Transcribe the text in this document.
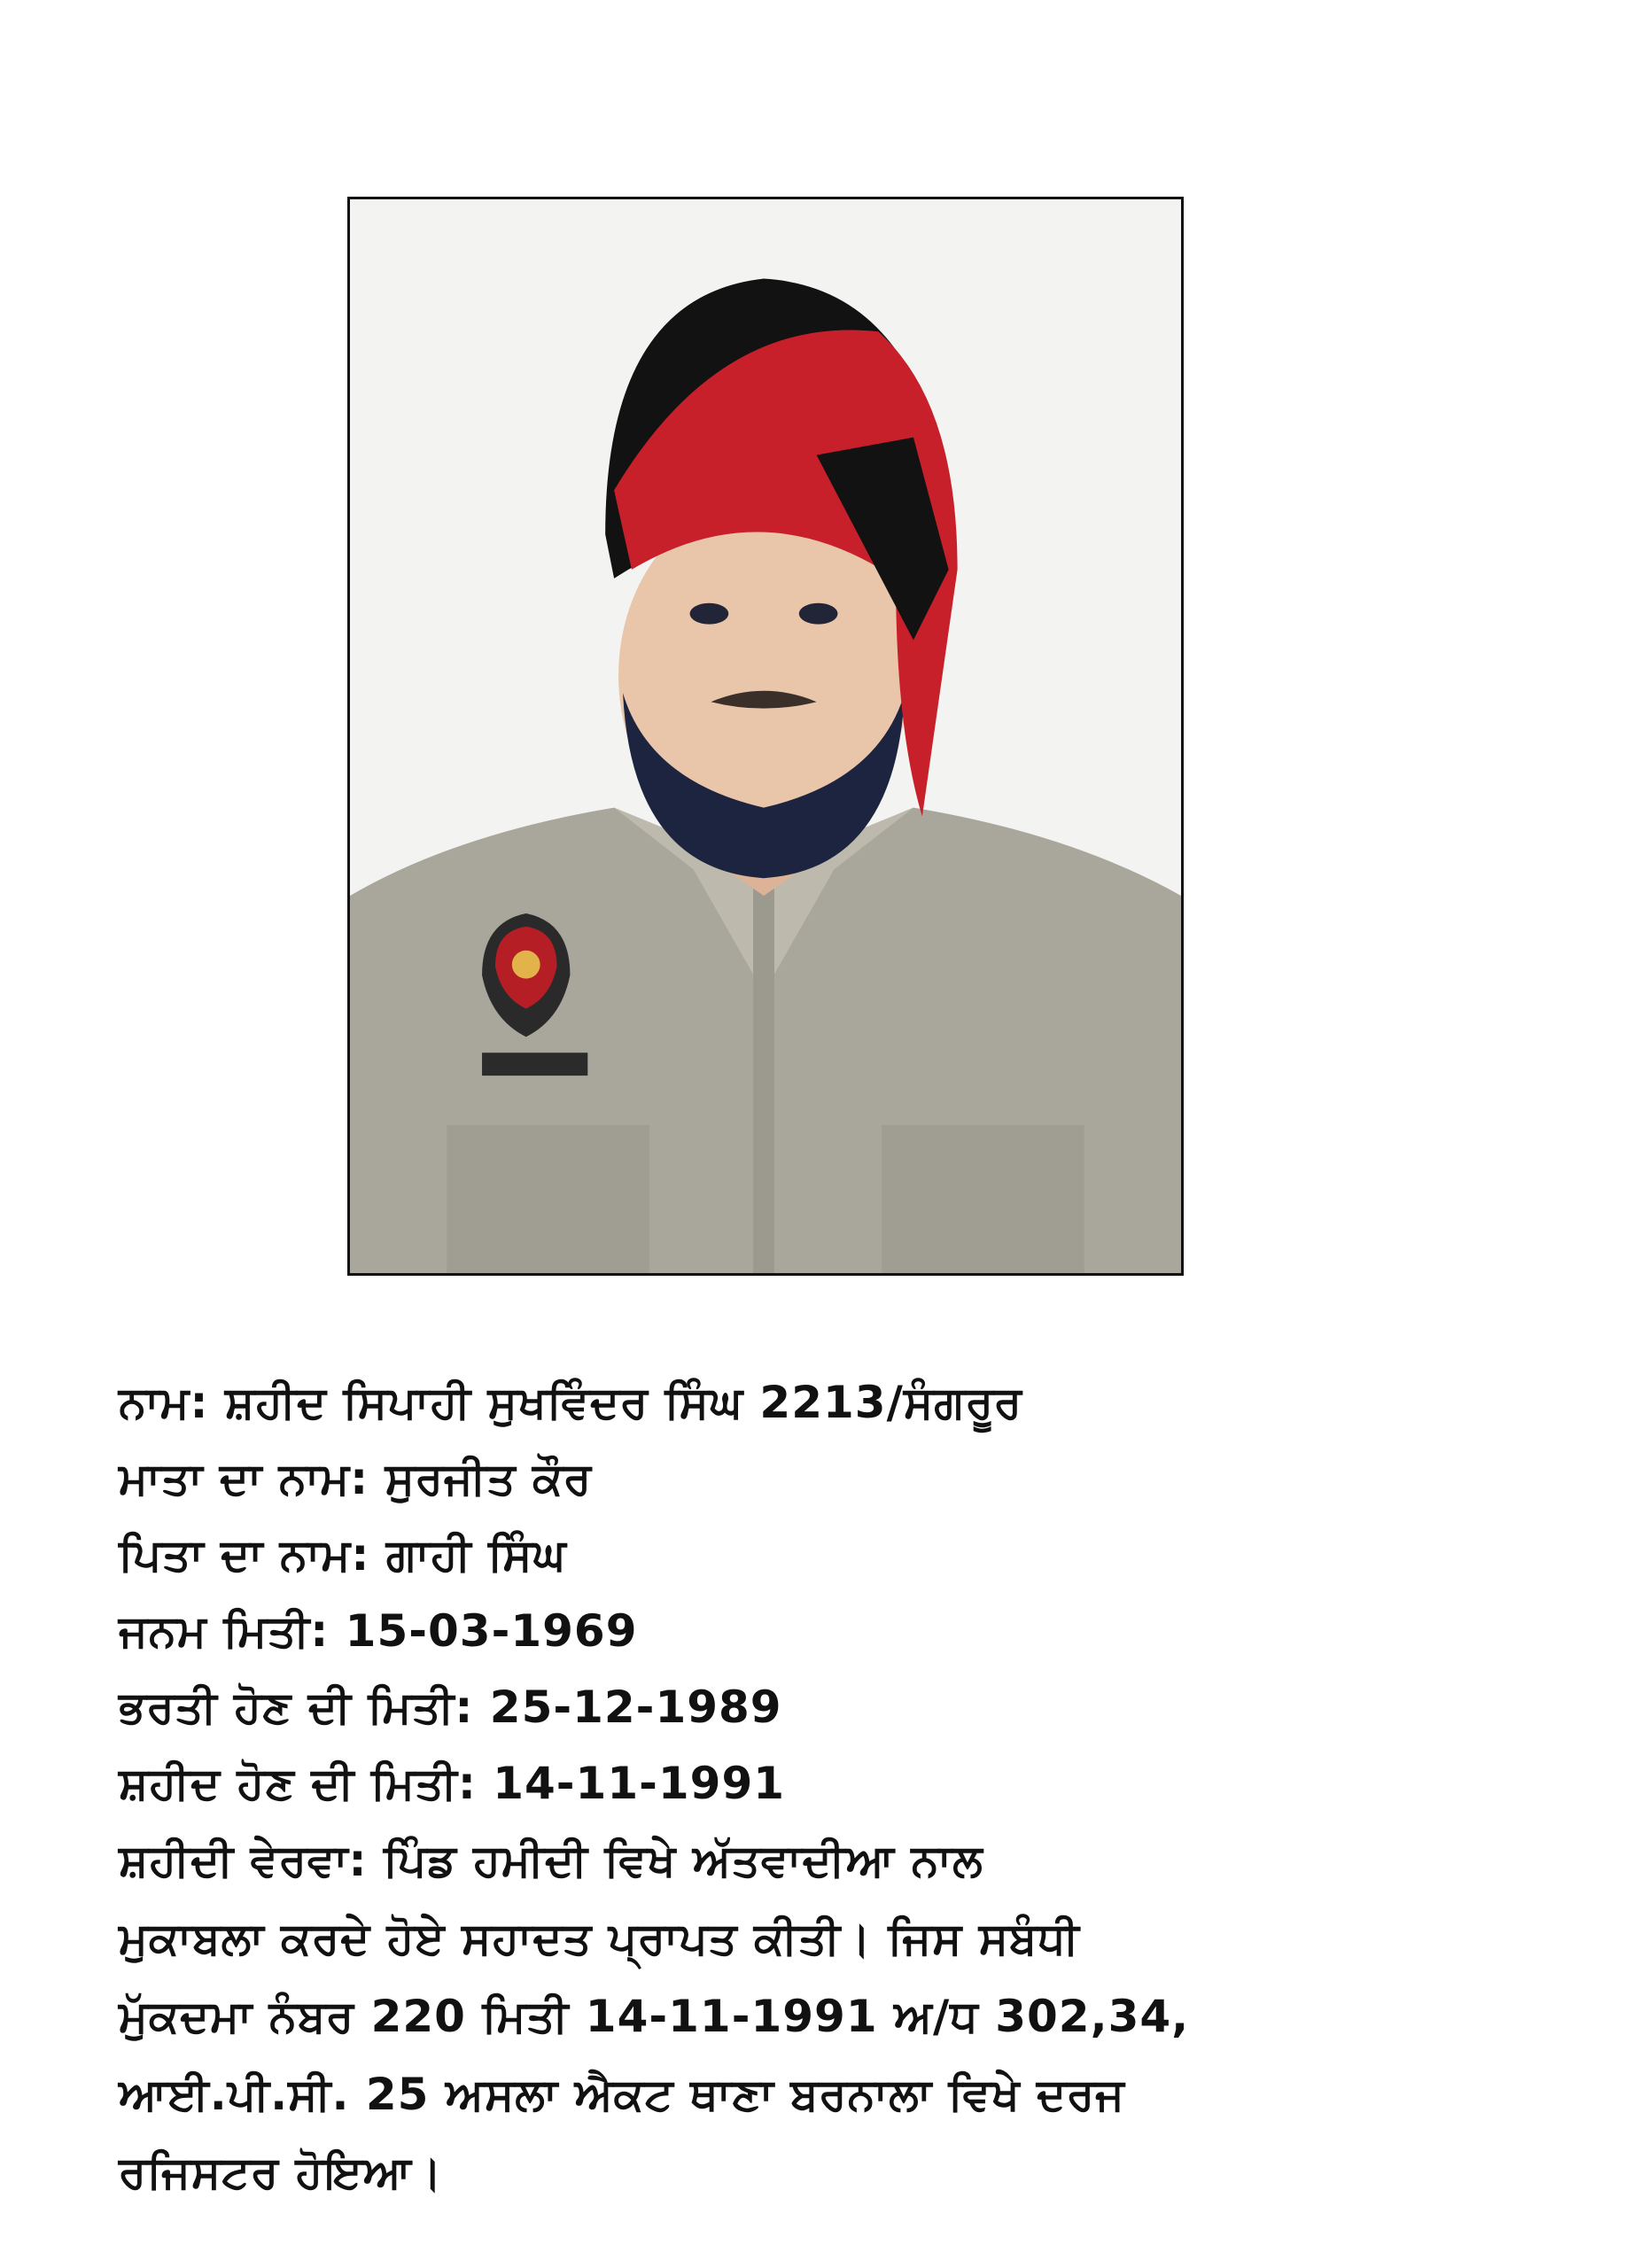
ਨਾਮ: ਸ਼ਹੀਦ ਸਿਪਾਹੀ ਸੁਖਵਿੰਦਰ ਸਿੰਘ 2213/ਸੰਗਰੂਰ
ਮਾਤਾ ਦਾ ਨਾਮ: ਸੁਰਜੀਤ ਕੌਰ
ਪਿਤਾ ਦਾ ਨਾਮ: ਗਾਹੀ ਸਿੰਘ
ਜਨਮ ਮਿਤੀ: 15-03-1969
ਭਰਤੀ ਹੋਣ ਦੀ ਮਿਤੀ: 25-12-1989
ਸ਼ਹੀਦ ਹੋਣ ਦੀ ਮਿਤੀ: 14-11-1991
ਸ਼ਹੀਦੀ ਵੇਰਵਾ: ਪਿੰਡ ਹਮੀਦੀ ਵਿਖੇ ਅੱਤਵਾਦੀਆ ਨਾਲ
ਮੁਕਾਬਲਾ ਕਰਦੇ ਹੋਏ ਸਹਾਦਤ ਪ੍ਰਾਪਤ ਕੀਤੀ। ਜਿਸ ਸਬੰਧੀ
ਮੁੱਕਦਮਾ ਨੰਬਰ 220 ਮਿਤੀ 14-11-1991 ਅ/ਧ 302,34,
ਆਈ.ਪੀ.ਸੀ. 25 ਅਸਲਾ ਐਕਟ ਥਾਣਾ ਬਰਨਾਲਾ ਵਿਖੇ ਦਰਜ
ਰਜਿਸਟਰ ਹੋਇਆ।
